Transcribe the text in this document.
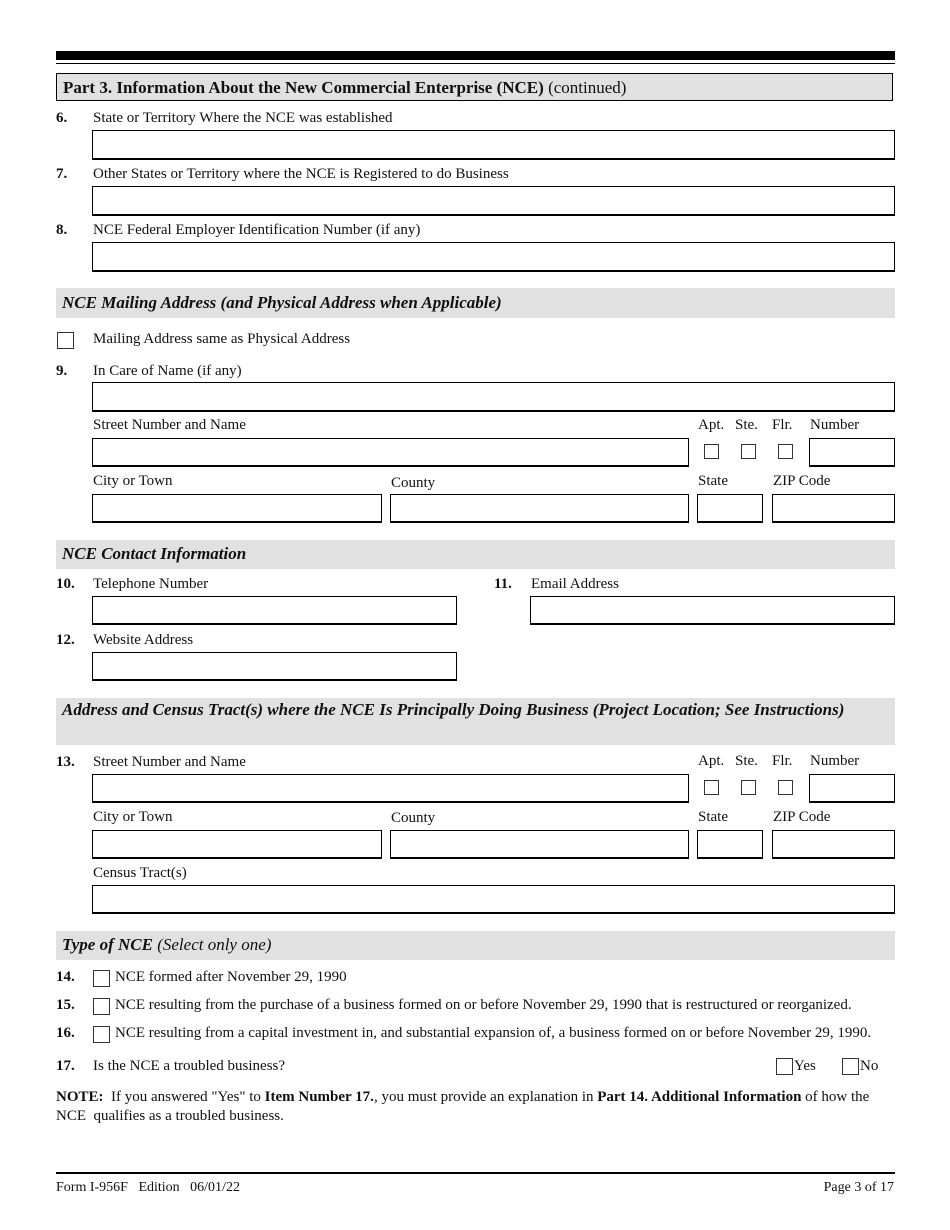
Part 3. Information About the New Commercial Enterprise (NCE) (continued)
6. State or Territory Where the NCE was established
7. Other States or Territory where the NCE is Registered to do Business
8. NCE Federal Employer Identification Number (if any)
NCE Mailing Address (and Physical Address when Applicable)
Mailing Address same as Physical Address
9. In Care of Name (if any)
Street Number and Name	Apt. Ste. Flr. Number
City or Town	County	State	ZIP Code
NCE Contact Information
10. Telephone Number	11. Email Address
12. Website Address
Address and Census Tract(s) where the NCE Is Principally Doing Business (Project Location; See Instructions)
13. Street Number and Name	Apt. Ste. Flr. Number
City or Town	County	State	ZIP Code
Census Tract(s)
Type of NCE (Select only one)
14.	NCE formed after November 29, 1990
15.	NCE resulting from the purchase of a business formed on or before November 29, 1990 that is restructured or reorganized.
16.	NCE resulting from a capital investment in, and substantial expansion of, a business formed on or before November 29, 1990.
17. Is the NCE a troubled business?	Yes	No
NOTE:  If you answered "Yes" to Item Number 17., you must provide an explanation in Part 14. Additional Information of how the NCE  qualifies as a troubled business.
Form I-956F   Edition   06/01/22	Page 3 of 17
